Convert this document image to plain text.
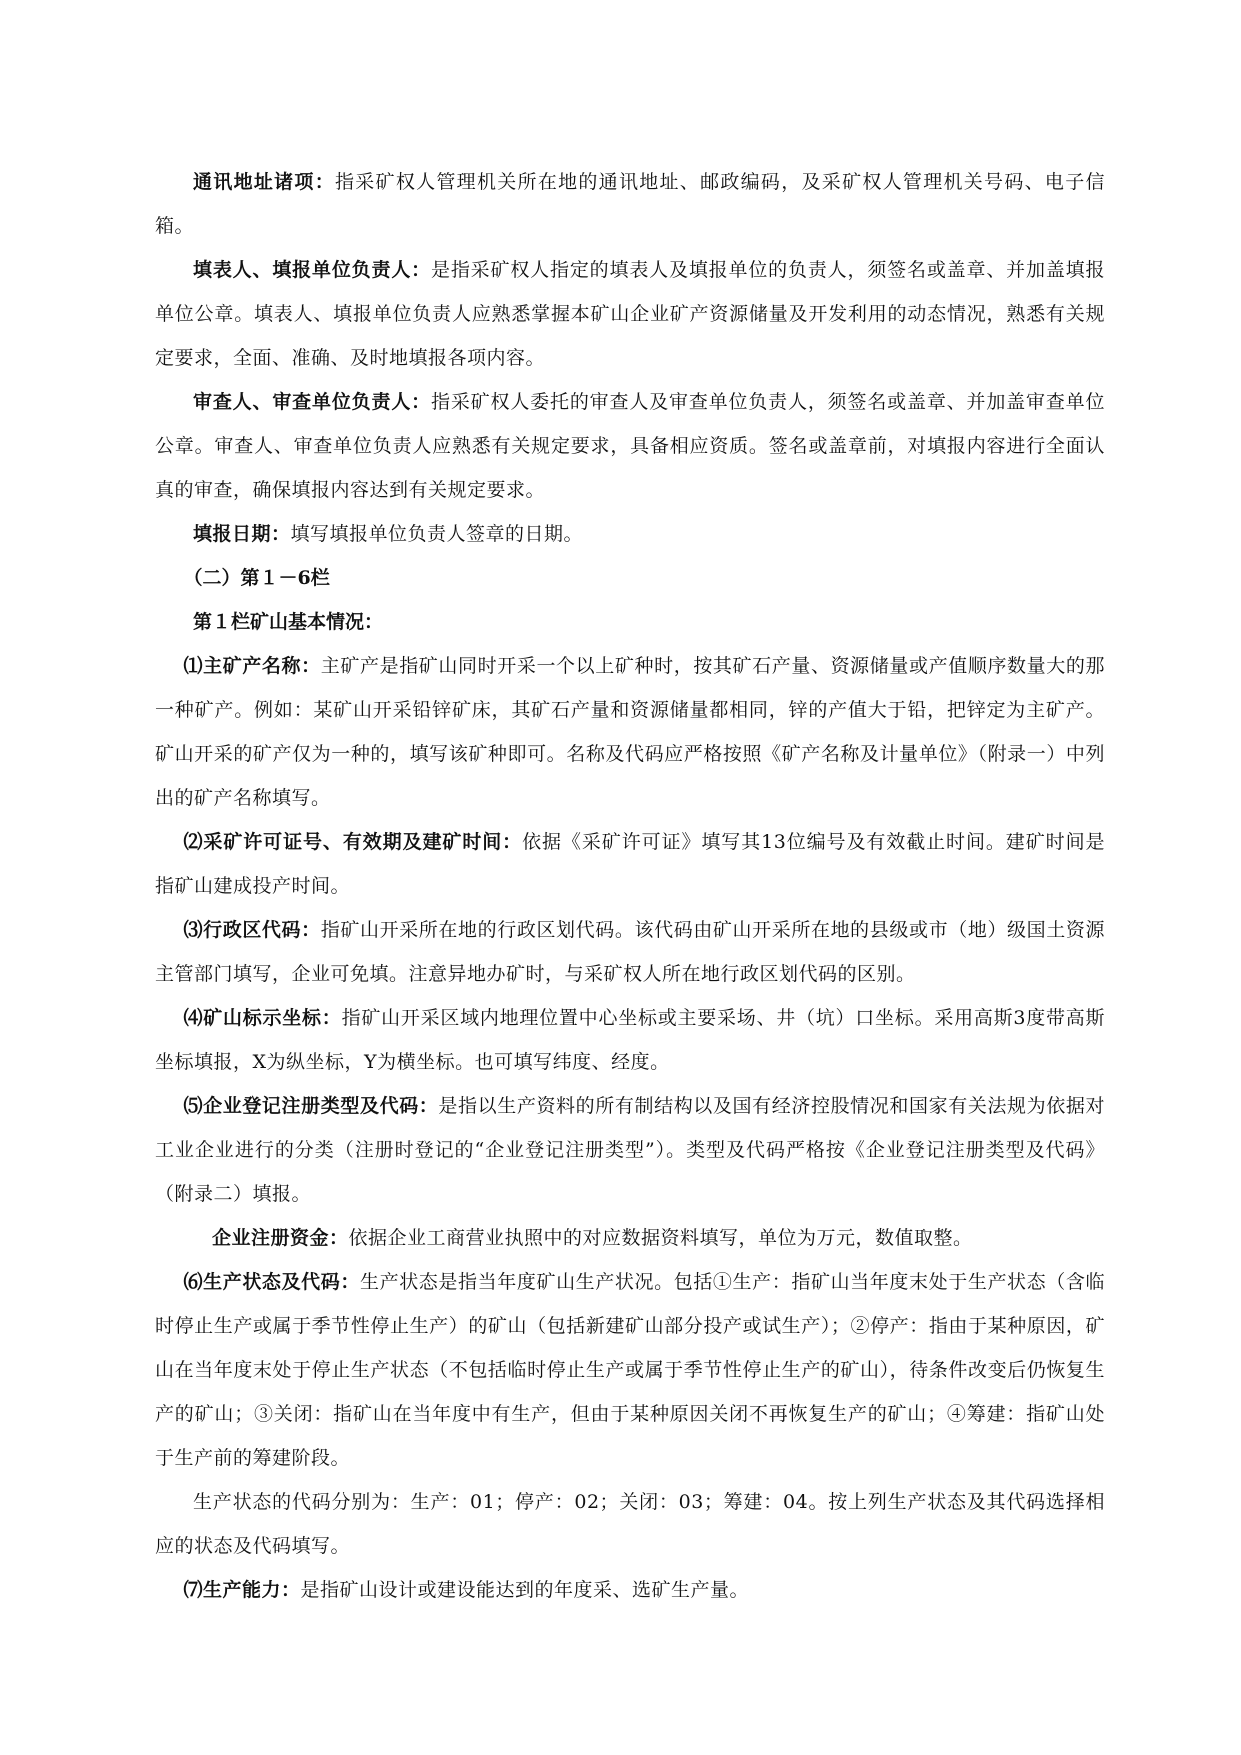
通讯地址诸项：指采矿权人管理机关所在地的通讯地址、邮政编码，及采矿权人管理机关号码、电子信箱。

填表人、填报单位负责人：是指采矿权人指定的填表人及填报单位的负责人，须签名或盖章、并加盖填报单位公章。填表人、填报单位负责人应熟悉掌握本矿山企业矿产资源储量及开发利用的动态情况，熟悉有关规定要求，全面、准确、及时地填报各项内容。

审查人、审查单位负责人：指采矿权人委托的审查人及审查单位负责人，须签名或盖章、并加盖审查单位公章。审查人、审查单位负责人应熟悉有关规定要求，具备相应资质。签名或盖章前，对填报内容进行全面认真的审查，确保填报内容达到有关规定要求。

填报日期：填写填报单位负责人签章的日期。

（二）第１－6栏

第１栏矿山基本情况：

⑴主矿产名称：主矿产是指矿山同时开采一个以上矿种时，按其矿石产量、资源储量或产值顺序数量大的那一种矿产。例如：某矿山开采铅锌矿床，其矿石产量和资源储量都相同，锌的产值大于铅，把锌定为主矿产。矿山开采的矿产仅为一种的，填写该矿种即可。名称及代码应严格按照《矿产名称及计量单位》（附录一）中列出的矿产名称填写。

⑵采矿许可证号、有效期及建矿时间：依据《采矿许可证》填写其13位编号及有效截止时间。建矿时间是指矿山建成投产时间。

⑶行政区代码：指矿山开采所在地的行政区划代码。该代码由矿山开采所在地的县级或市（地）级国土资源主管部门填写，企业可免填。注意异地办矿时，与采矿权人所在地行政区划代码的区别。

⑷矿山标示坐标：指矿山开采区域内地理位置中心坐标或主要采场、井（坑）口坐标。采用高斯3度带高斯坐标填报，X为纵坐标，Y为横坐标。也可填写纬度、经度。

⑸企业登记注册类型及代码：是指以生产资料的所有制结构以及国有经济控股情况和国家有关法规为依据对工业企业进行的分类（注册时登记的“企业登记注册类型”）。类型及代码严格按《企业登记注册类型及代码》（附录二）填报。

企业注册资金：依据企业工商营业执照中的对应数据资料填写，单位为万元，数值取整。

⑹生产状态及代码：生产状态是指当年度矿山生产状况。包括①生产：指矿山当年度末处于生产状态（含临时停止生产或属于季节性停止生产）的矿山（包括新建矿山部分投产或试生产）；②停产：指由于某种原因，矿山在当年度末处于停止生产状态（不包括临时停止生产或属于季节性停止生产的矿山），待条件改变后仍恢复生产的矿山；③关闭：指矿山在当年度中有生产，但由于某种原因关闭不再恢复生产的矿山；④筹建：指矿山处于生产前的筹建阶段。

生产状态的代码分别为：生产：01；停产：02；关闭：03；筹建：04。按上列生产状态及其代码选择相应的状态及代码填写。

⑺生产能力：是指矿山设计或建设能达到的年度采、选矿生产量。
